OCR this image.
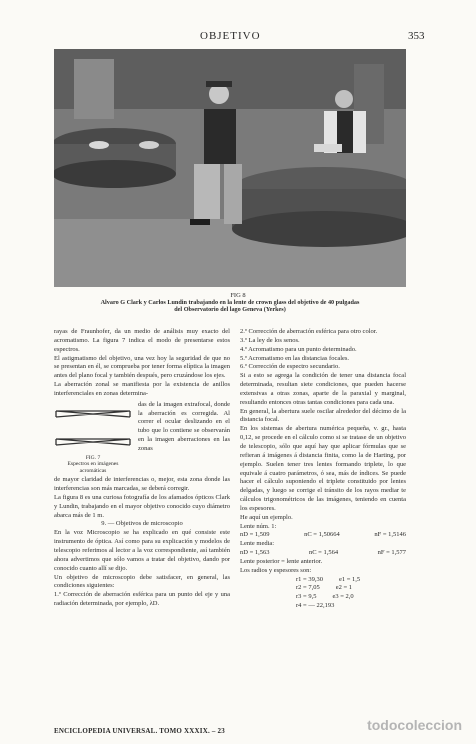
OBJETIVO	353
FIG 8
Alvaro G Clark y Carlos Lundin trabajando en la lente de crown glass del objetivo de 40 pulgadas
del Observatorio del lago Geneva (Yerkes)

rayas de Fraunhofer, da un medio de análisis muy exacto del acromatismo. La figura 7 indica el modo de presentarse estos espectros.

El astigmatismo del objetivo, una vez hoy la seguridad de que no se presentan en él, se comprueba por tener forma elíptica la imagen antes del plano focal y también después, pero cruzándose los ejes.

La aberración zonal se manifiesta por la existencia de anillos interferenciales en zonas determina-

FIG. 7
Espectros en imágenes acromáticas
das de la imagen extrafocal, donde la aberración es corregida. Al correr el ocular deslizando en el tubo que lo contiene se observarán en la imagen aberraciones en las zonas

de mayor claridad de interferencias o, mejor, esta zona donde las interferencias son más marcadas, se deberá corregir.

La figura 8 es una curiosa fotografía de los afamados ópticos Clark y Lundin, trabajando en el mayor objetivo conocido cuyo diámetro abarca más de 1 m.

9. — Objetivos de microscopio

En la voz Microscopio se ha explicado en qué consiste este instrumento de óptica. Así como para su explicación y modelos de telescopio referimos al lector a la voz correspondiente, así también ahora advertimos que sólo vamos a tratar del objetivo, dando por conocido cuanto allí se dijo.

Un objetivo de microscopio debe satisfacer, en general, las condiciones siguientes:

1.º Corrección de aberración esférica para un punto del eje y una radiación determinada, por ejemplo, λD.

2.º Corrección de aberración esférica para otro color.

3.º La ley de los senos.

4.º Acromatismo para un punto determinado.

5.º Acromatismo en las distancias focales.

6.º Corrección de espectro secundario.

Si a esto se agrega la condición de tener una distancia focal determinada, resultan siete condiciones, que pueden hacerse extensivas a otras zonas, aparte de la paraxial y marginal, resultando entonces otras tantas condiciones para cada una.

En general, la abertura suele oscilar alrededor del décimo de la distancia focal.

En los sistemas de abertura numérica pequeña, v. gr., hasta 0,12, se procede en el cálculo como si se tratase de un objetivo de telescopio, sólo que aquí hay que aplicar fórmulas que se refieran á imágenes á distancia finita, como la de Harting, por ejemplo. Suelen tener tres lentes formando triplete, lo que equivale á cuatro parámetros, ó sea, más de índices. Se puede hacer el cálculo suponiendo el triplete constituido por lentes delgadas, y luego se corrige el tránsito de los rayos mediar te cálculos trigonométricos de las imágenes, teniendo en cuenta los espesores.

He aquí un ejemplo.

Lente núm. 1:

nD = 1,509	nC = 1,50664	nF = 1,5146

Lente media:

nD = 1,563	nC = 1,564	nF = 1,577

Lente posterior = lente anterior.

Los radios y espesores son:

r1 = 39,30 e1 = 1,5
r2 = 7,05 e2 = 1
r3 = 9,5 e3 = 2,0
r4 = — 22,193
ENCICLOPEDIA UNIVERSAL. TOMO XXXIX. – 23	todocoleccion
